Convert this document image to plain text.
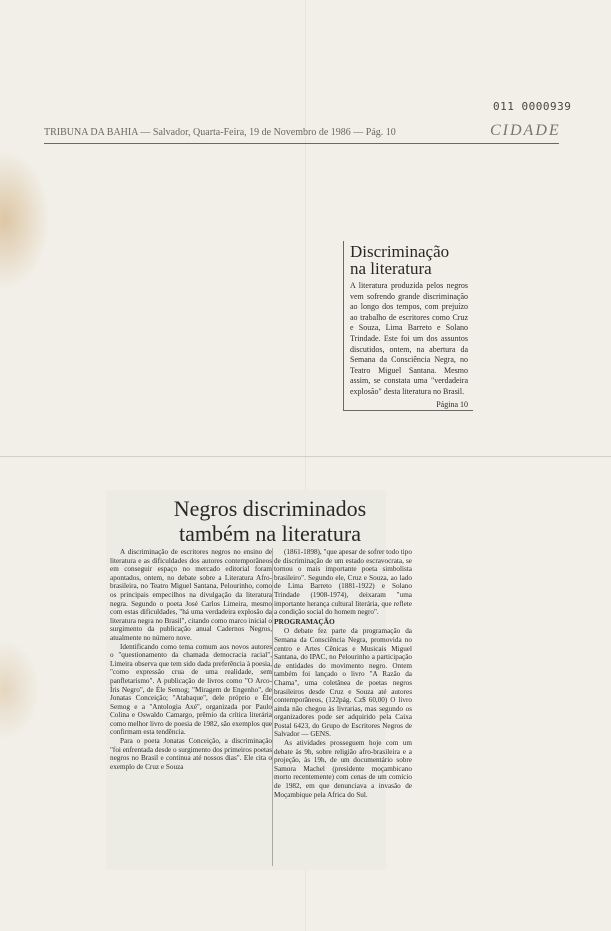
011 0000939
TRIBUNA DA BAHIA — Salvador, Quarta-Feira, 19 de Novembro de 1986 — Pág. 10	CIDADE
Discriminação
na literatura
A literatura produzida pelos negros vem sofrendo grande discriminação ao longo dos tempos, com prejuízo ao trabalho de escritores como Cruz e Souza, Lima Barreto e Solano Trindade. Este foi um dos assuntos discutidos, ontem, na abertura da Semana da Consciência Negra, no Teatro Miguel Santana. Mesmo assim, se constata uma "verdadeira explosão" desta literatura no Brasil.
Página 10
Negros discriminados
também na literatura

A discriminação de escritores negros no ensino de literatura e as dificuldades dos autores contemporâneos em conseguir espaço no mercado editorial foram apontados, ontem, no debate sobre a Literatura Afro-brasileira, no Teatro Miguel Santana, Pelourinho, como os principais empecilhos na divulgação da literatura negra. Segundo o poeta José Carlos Limeira, mesmo com estas dificuldades, "há uma verdadeira explosão da literatura negra no Brasil", citando como marco inicial o surgimento da publicação anual Cadernos Negros, atualmente no número nove.

Identificando como tema comum aos novos autores o "questionamento da chamada democracia racial", Limeira observa que tem sido dada preferência à poesia, "como expressão crua de uma realidade, sem panfletarismo". A publicação de livros como "O Arco-Íris Negro", de Éle Semog; "Miragem de Engenho", de Jonatas Conceição; "Atabaque", dele próprio e Éle Semog e a "Antologia Axé", organizada por Paulo Colina e Oswaldo Camargo, prêmio da crítica literária como melhor livro de poesia de 1982, são exemplos que confirmam esta tendência.

Para o poeta Jonatas Conceição, a discriminação "foi enfrentada desde o surgimento dos primeiros poetas negros no Brasil e continua até nossos dias". Ele cita o exemplo de Cruz e Souza

(1861-1898), "que apesar de sofrer todo tipo de discriminação de um estado escravocrata, se tornou o mais importante poeta simbolista brasileiro". Segundo ele, Cruz e Souza, ao lado de Lima Barreto (1881-1922) e Solano Trindade (1908-1974), deixaram "uma importante herança cultural literária, que reflete a condição social do homem negro".

PROGRAMAÇÃO

O debate fez parte da programação da Semana da Consciência Negra, promovida no centro e Artes Cênicas e Musicais Miguel Santana, do IPAC, no Pelourinho a participação de entidades do movimento negro. Ontem também foi lançado o livro "A Razão da Chama", uma coletânea de poetas negros brasileiros desde Cruz e Souza até autores contemporâneos, (122pág. Cz$ 60,00) O livro ainda não chegou às livrarias, mas segundo os organizadores pode ser adquirido pela Caixa Postal 6423, do Grupo de Escritores Negros de Salvador — GENS.

As atividades prosseguem hoje com um debate às 9h, sobre religião afro-brasileira e a projeção, às 19h, de um documentário sobre Samora Machel (presidente moçambicano morto recentemente) com cenas de um comício de 1982, em que denunciava a invasão de Moçambique pela Africa do Sul.
